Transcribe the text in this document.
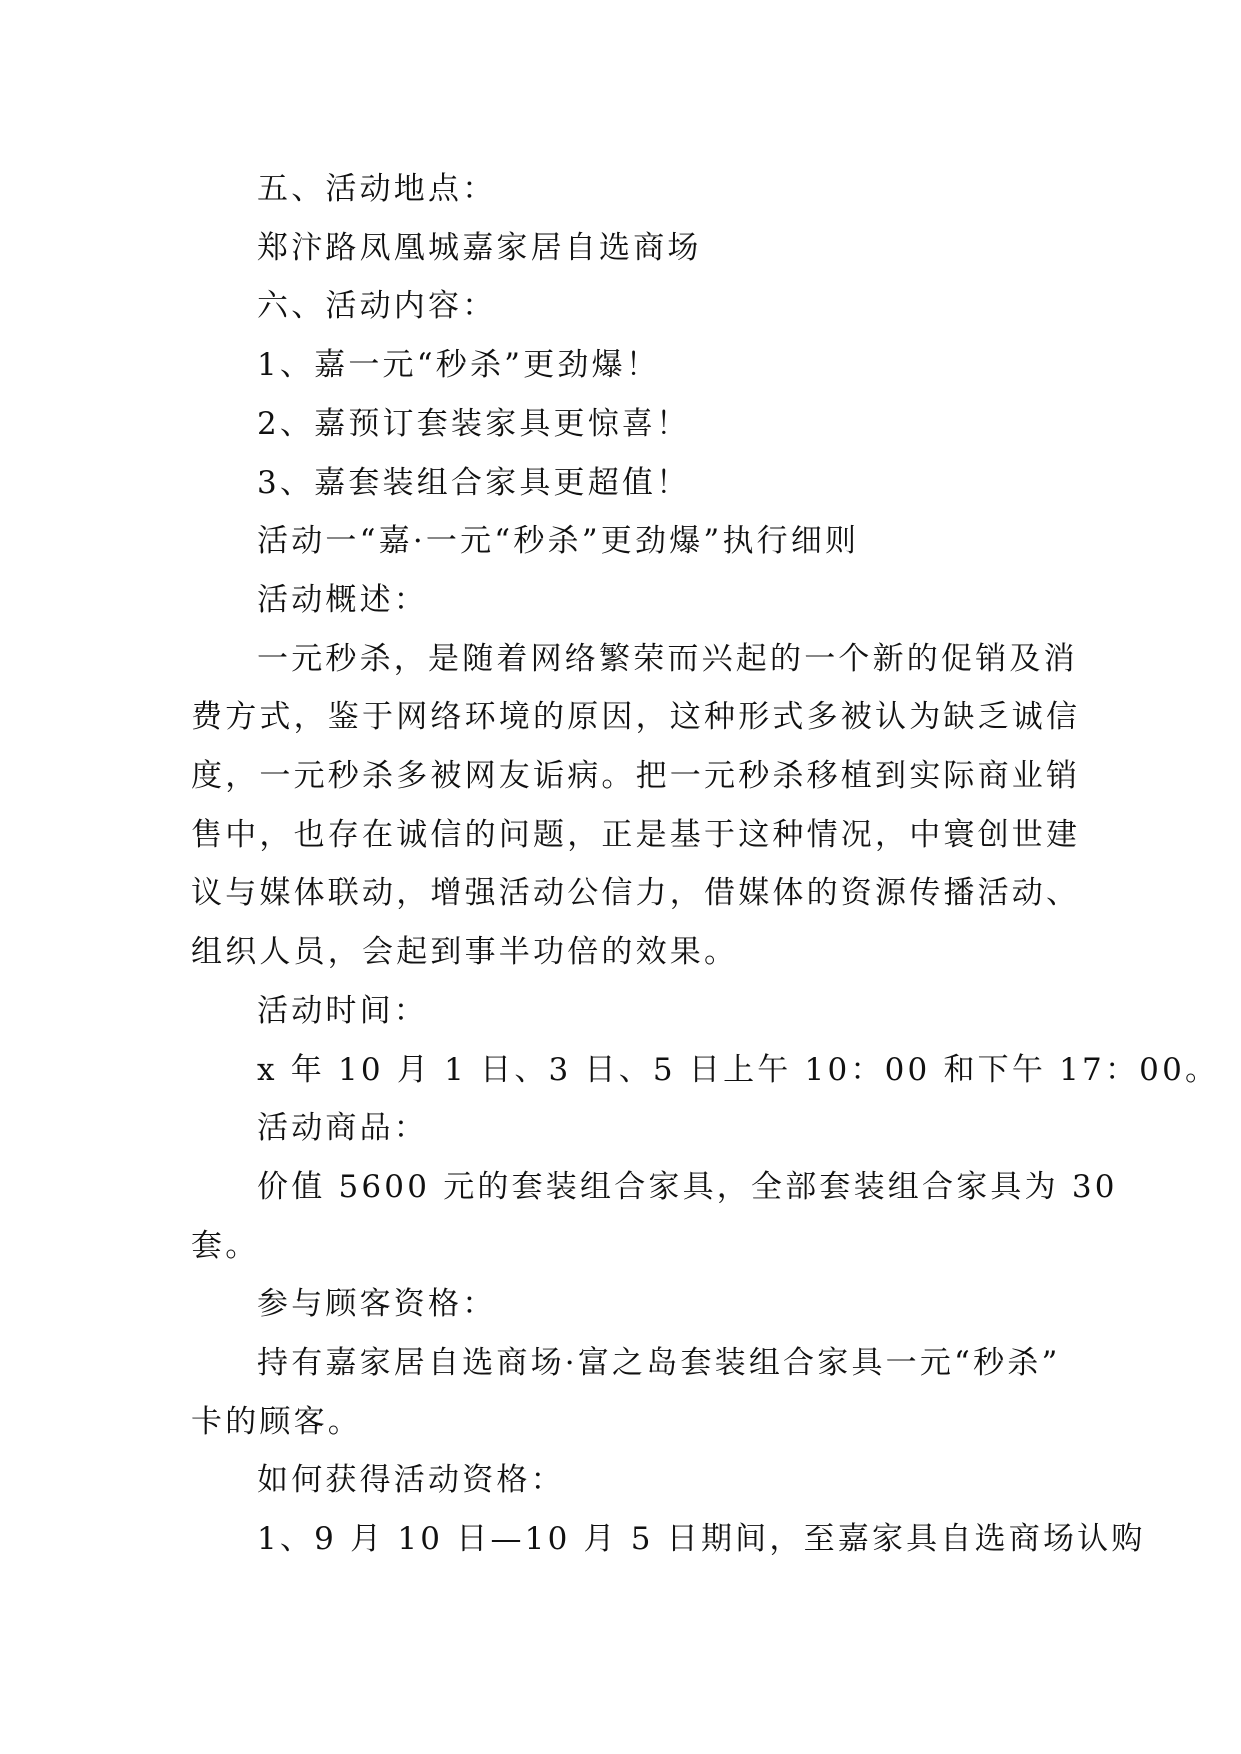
五、活动地点：

郑汴路凤凰城嘉家居自选商场

六、活动内容：

1、嘉一元“秒杀”更劲爆！

2、嘉预订套装家具更惊喜！

3、嘉套装组合家具更超值！

活动一“嘉·一元“秒杀”更劲爆”执行细则

活动概述：

一元秒杀，是随着网络繁荣而兴起的一个新的促销及消

费方式，鉴于网络环境的原因，这种形式多被认为缺乏诚信

度，一元秒杀多被网友诟病。把一元秒杀移植到实际商业销

售中，也存在诚信的问题，正是基于这种情况，中寰创世建

议与媒体联动，增强活动公信力，借媒体的资源传播活动、

组织人员，会起到事半功倍的效果。

活动时间：

x 年 10 月 1 日、3 日、5 日上午 10：00 和下午 17：00。

活动商品：

价值 5600 元的套装组合家具，全部套装组合家具为 30

套。

参与顾客资格：

持有嘉家居自选商场·富之岛套装组合家具一元“秒杀”

卡的顾客。

如何获得活动资格：

1、9 月 10 日—10 月 5 日期间，至嘉家具自选商场认购
